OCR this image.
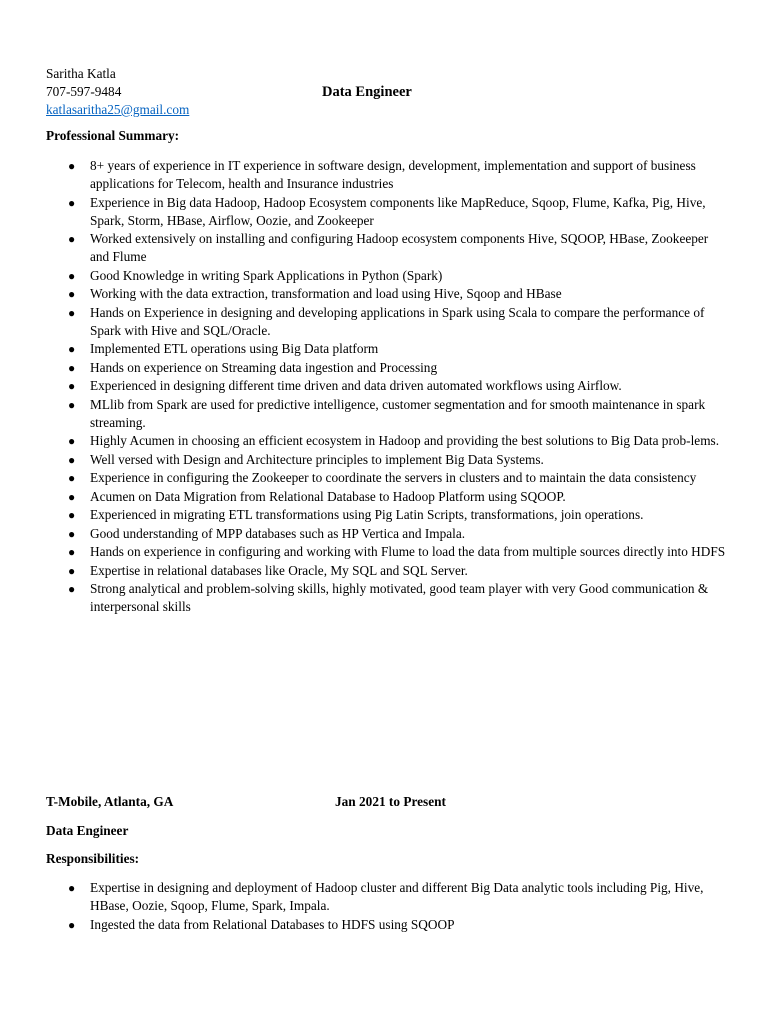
Saritha Katla
707-597-9484
katlasaritha25@gmail.com
Data Engineer
Professional Summary:
● 8+ years of experience in IT experience in software design, development, implementation and support of business applications for Telecom, health and Insurance industries
● Experience in Big data Hadoop, Hadoop Ecosystem components like MapReduce, Sqoop, Flume, Kafka, Pig, Hive, Spark, Storm, HBase, Airflow, Oozie, and Zookeeper
● Worked extensively on installing and configuring Hadoop ecosystem components Hive, SQOOP, HBase, Zookeeper and Flume
● Good Knowledge in writing Spark Applications in Python (Spark)
● Working with the data extraction, transformation and load using Hive, Sqoop and HBase
● Hands on Experience in designing and developing applications in Spark using Scala to compare the performance of Spark with Hive and SQL/Oracle.
● Implemented ETL operations using Big Data platform
● Hands on experience on Streaming data ingestion and Processing
● Experienced in designing different time driven and data driven automated workflows using Airflow.
● MLlib from Spark are used for predictive intelligence, customer segmentation and for smooth maintenance in spark streaming.
● Highly Acumen in choosing an efficient ecosystem in Hadoop and providing the best solutions to Big Data prob-lems.
● Well versed with Design and Architecture principles to implement Big Data Systems.
● Experience in configuring the Zookeeper to coordinate the servers in clusters and to maintain the data consistency
● Acumen on Data Migration from Relational Database to Hadoop Platform using SQOOP.
● Experienced in migrating ETL transformations using Pig Latin Scripts, transformations, join operations.
● Good understanding of MPP databases such as HP Vertica and Impala.
● Hands on experience in configuring and working with Flume to load the data from multiple sources directly into HDFS
● Expertise in relational databases like Oracle, My SQL and SQL Server.
● Strong analytical and problem-solving skills, highly motivated, good team player with very Good communication & interpersonal skills
T-Mobile, Atlanta, GA	Jan 2021 to Present
Data Engineer
Responsibilities:
● Expertise in designing and deployment of Hadoop cluster and different Big Data analytic tools including Pig, Hive, HBase, Oozie, Sqoop, Flume, Spark, Impala.
● Ingested the data from Relational Databases to HDFS using SQOOP
